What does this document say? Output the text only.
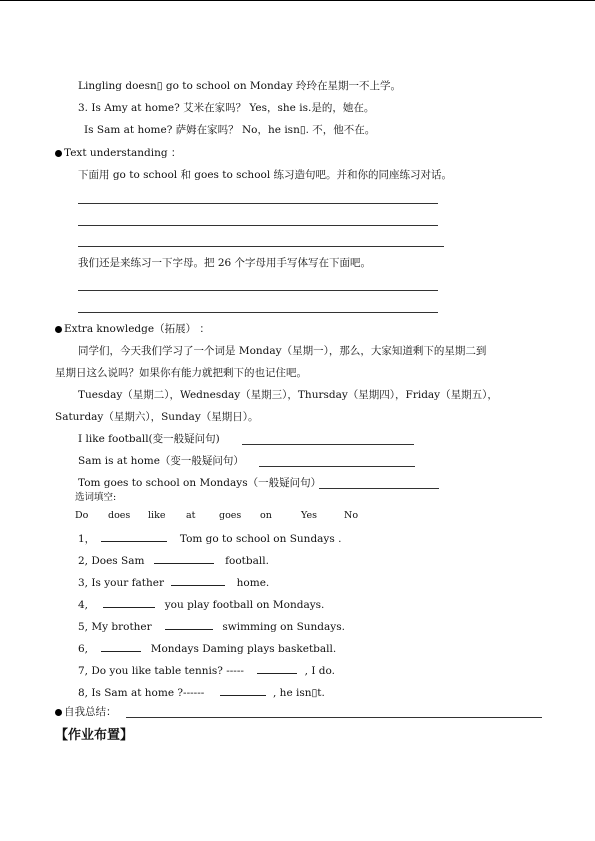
Lingling doesn▯ go to school on Monday 玲玲在星期一不上学。
3. Is Amy at home? 艾米在家吗？ Yes，she is.是的，她在。
Is Sam at home? 萨姆在家吗？ No，he isn▯. 不，他不在。
Text understanding ：
下面用 go to school 和 goes to school 练习造句吧。并和你的同座练习对话。
我们还是来练习一下字母。把 26 个字母用手写体写在下面吧。
Extra knowledge（拓展） ：
同学们，今天我们学习了一个词是 Monday（星期一），那么，大家知道剩下的星期二到
星期日这么说吗？如果你有能力就把剩下的也记住吧。
Tuesday（星期二），Wednesday（星期三），Thursday（星期四），Friday（星期五），
Saturday（星期六），Sunday（星期日）。
I like football(变一般疑问句)
Sam is at home（变一般疑问句）
Tom goes to school on Mondays（一般疑问句）
选词填空:
Do does like at goes on	Yes	No
1，	Tom go to school on Sundays .
2, Does Sam	football.
3, Is your father	home.
4,	you play football on Mondays.
5, My brother	swimming on Sundays.
6,	Mondays Daming plays basketball.
7, Do you like table tennis? -----	, I do.
8, Is Sam at home ?------	, he isn▯t.
自我总结：
【作业布置】
